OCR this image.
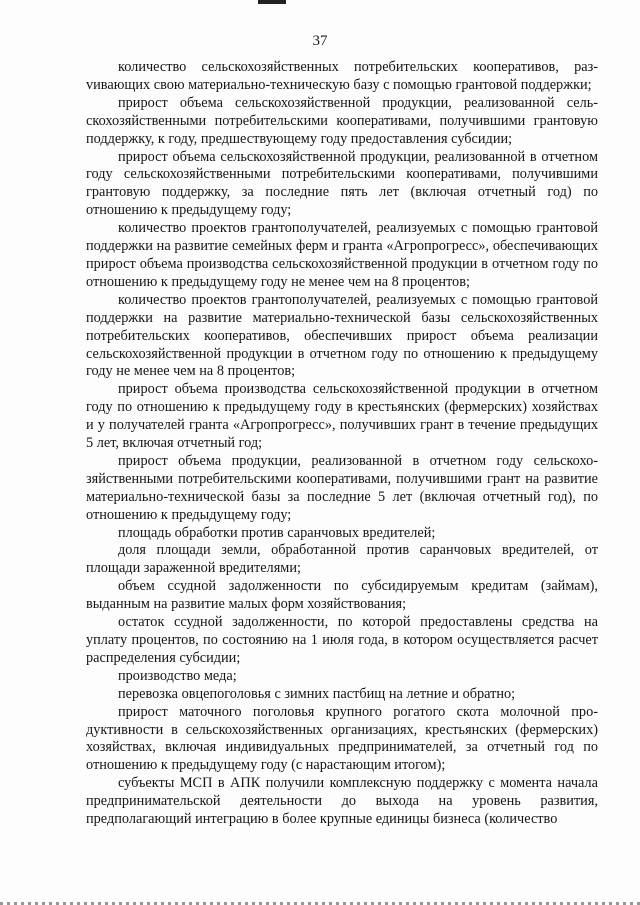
37

количество сельскохозяйственных потребительских кооперативов, разvивающих свою материально-техническую базу с помощью грантовой поддержки;

прирост объема сельскохозяйственной продукции, реализованной сельскохозяйственными потребительскими кооперативами, получившими грантовую поддержку, к году, предшествующему году предоставления субсидии;

прирост объема сельскохозяйственной продукции, реализованной в отчетном году сельскохозяйственными потребительскими кооперативами, получившими грантовую поддержку, за последние пять лет (включая отчетный год) по отношению к предыдущему году;

количество проектов грантополучателей, реализуемых с помощью грантовой поддержки на развитие семейных ферм и гранта «Агропрогресс», обеспечивающих прирост объема производства сельскохозяйственной продукции в отчетном году по отношению к предыдущему году не менее чем на 8 процентов;

количество проектов грантополучателей, реализуемых с помощью грантовой поддержки на развитие материально-технической базы сельскохозяйственных потребительских кооперативов, обеспечивших прирост объема реализации сельскохозяйственной продукции в отчетном году по отношению к предыдущему году не менее чем на 8 процентов;

прирост объема производства сельскохозяйственной продукции в отчетном году по отношению к предыдущему году в крестьянских (фермерских) хозяйствах и у получателей гранта «Агропрогресс», получивших грант в течение предыдущих 5 лет, включая отчетный год;

прирост объема продукции, реализованной в отчетном году сельскохозяйственными потребительскими кооперативами, получившими грант на развитие материально-технической базы за последние 5 лет (включая отчетный год), по отношению к предыдущему году;

площадь обработки против саранчовых вредителей;

доля площади земли, обработанной против саранчовых вредителей, от площади зараженной вредителями;

объем ссудной задолженности по субсидируемым кредитам (займам), выданным на развитие малых форм хозяйствования;

остаток ссудной задолженности, по которой предоставлены средства на уплату процентов, по состоянию на 1 июля года, в котором осуществляется расчет распределения субсидии;

производство меда;

перевозка овцепоголовья с зимних пастбищ на летние и обратно;

прирост маточного поголовья крупного рогатого скота молочной продуктивности в сельскохозяйственных организациях, крестьянских (фермерских) хозяйствах, включая индивидуальных предпринимателей, за отчетный год по отношению к предыдущему году (с нарастающим итогом);

субъекты МСП в АПК получили комплексную поддержку с момента начала предпринимательской деятельности до выхода на уровень развития, предполагающий интеграцию в более крупные единицы бизнеса (количество
